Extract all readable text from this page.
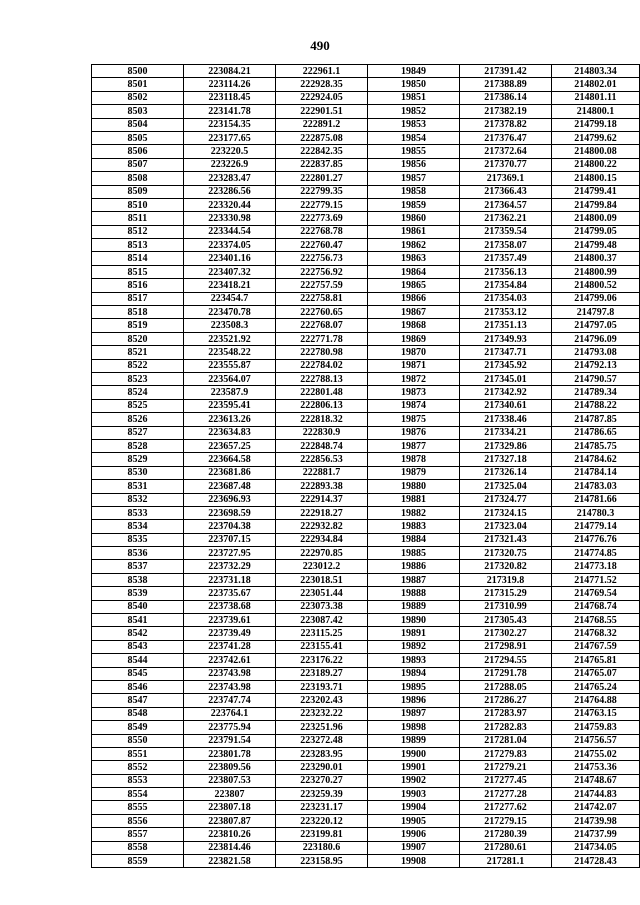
490
8500	223084.21	222961.1	19849	217391.42	214803.34
8501	223114.26	222928.35	19850	217388.89	214802.01
8502	223118.45	222924.05	19851	217386.14	214801.11
8503	223141.78	222901.51	19852	217382.19	214800.1
8504	223154.35	222891.2	19853	217378.82	214799.18
8505	223177.65	222875.08	19854	217376.47	214799.62
8506	223220.5	222842.35	19855	217372.64	214800.08
8507	223226.9	222837.85	19856	217370.77	214800.22
8508	223283.47	222801.27	19857	217369.1	214800.15
8509	223286.56	222799.35	19858	217366.43	214799.41
8510	223320.44	222779.15	19859	217364.57	214799.84
8511	223330.98	222773.69	19860	217362.21	214800.09
8512	223344.54	222768.78	19861	217359.54	214799.05
8513	223374.05	222760.47	19862	217358.07	214799.48
8514	223401.16	222756.73	19863	217357.49	214800.37
8515	223407.32	222756.92	19864	217356.13	214800.99
8516	223418.21	222757.59	19865	217354.84	214800.52
8517	223454.7	222758.81	19866	217354.03	214799.06
8518	223470.78	222760.65	19867	217353.12	214797.8
8519	223508.3	222768.07	19868	217351.13	214797.05
8520	223521.92	222771.78	19869	217349.93	214796.09
8521	223548.22	222780.98	19870	217347.71	214793.08
8522	223555.87	222784.02	19871	217345.92	214792.13
8523	223564.07	222788.13	19872	217345.01	214790.57
8524	223587.9	222801.48	19873	217342.92	214789.34
8525	223595.41	222806.13	19874	217340.61	214788.22
8526	223613.26	222818.32	19875	217338.46	214787.85
8527	223634.83	222830.9	19876	217334.21	214786.65
8528	223657.25	222848.74	19877	217329.86	214785.75
8529	223664.58	222856.53	19878	217327.18	214784.62
8530	223681.86	222881.7	19879	217326.14	214784.14
8531	223687.48	222893.38	19880	217325.04	214783.03
8532	223696.93	222914.37	19881	217324.77	214781.66
8533	223698.59	222918.27	19882	217324.15	214780.3
8534	223704.38	222932.82	19883	217323.04	214779.14
8535	223707.15	222934.84	19884	217321.43	214776.76
8536	223727.95	222970.85	19885	217320.75	214774.85
8537	223732.29	223012.2	19886	217320.82	214773.18
8538	223731.18	223018.51	19887	217319.8	214771.52
8539	223735.67	223051.44	19888	217315.29	214769.54
8540	223738.68	223073.38	19889	217310.99	214768.74
8541	223739.61	223087.42	19890	217305.43	214768.55
8542	223739.49	223115.25	19891	217302.27	214768.32
8543	223741.28	223155.41	19892	217298.91	214767.59
8544	223742.61	223176.22	19893	217294.55	214765.81
8545	223743.98	223189.27	19894	217291.78	214765.07
8546	223743.98	223193.71	19895	217288.05	214765.24
8547	223747.74	223202.43	19896	217286.27	214764.88
8548	223764.1	223232.22	19897	217283.97	214763.15
8549	223775.94	223251.96	19898	217282.83	214759.83
8550	223791.54	223272.48	19899	217281.04	214756.57
8551	223801.78	223283.95	19900	217279.83	214755.02
8552	223809.56	223290.01	19901	217279.21	214753.36
8553	223807.53	223270.27	19902	217277.45	214748.67
8554	223807	223259.39	19903	217277.28	214744.83
8555	223807.18	223231.17	19904	217277.62	214742.07
8556	223807.87	223220.12	19905	217279.15	214739.98
8557	223810.26	223199.81	19906	217280.39	214737.99
8558	223814.46	223180.6	19907	217280.61	214734.05
8559	223821.58	223158.95	19908	217281.1	214728.43
